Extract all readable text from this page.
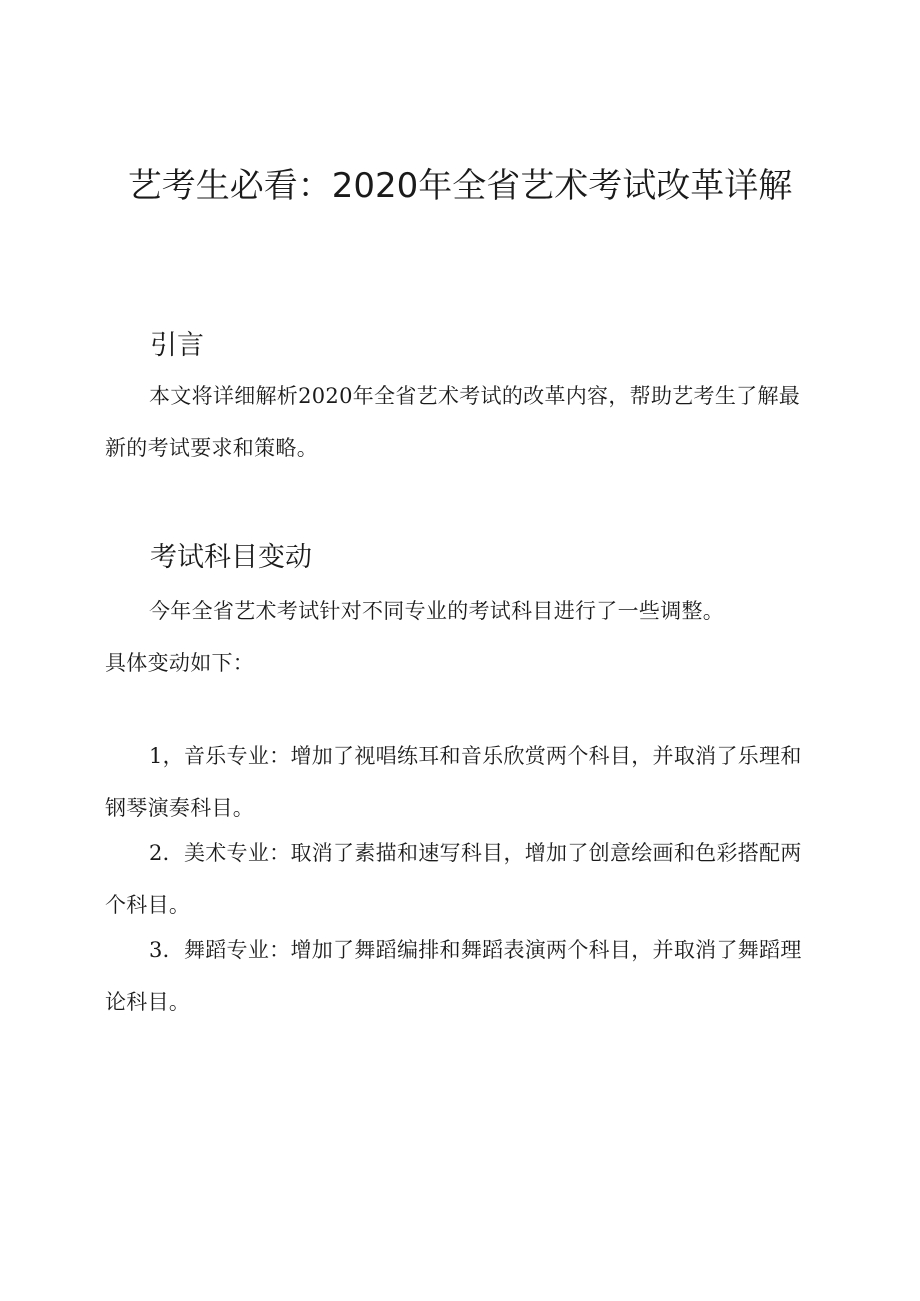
艺考生必看：2020年全省艺术考试改革详解
引言

本文将详细解析2020年全省艺术考试的改革内容，帮助艺考生了解最新的考试要求和策略。

考试科目变动

今年全省艺术考试针对不同专业的考试科目进行了一些调整。

具体变动如下：

1，音乐专业：增加了视唱练耳和音乐欣赏两个科目，并取消了乐理和钢琴演奏科目。

2．美术专业：取消了素描和速写科目，增加了创意绘画和色彩搭配两个科目。

3．舞蹈专业：增加了舞蹈编排和舞蹈表演两个科目，并取消了舞蹈理论科目。
